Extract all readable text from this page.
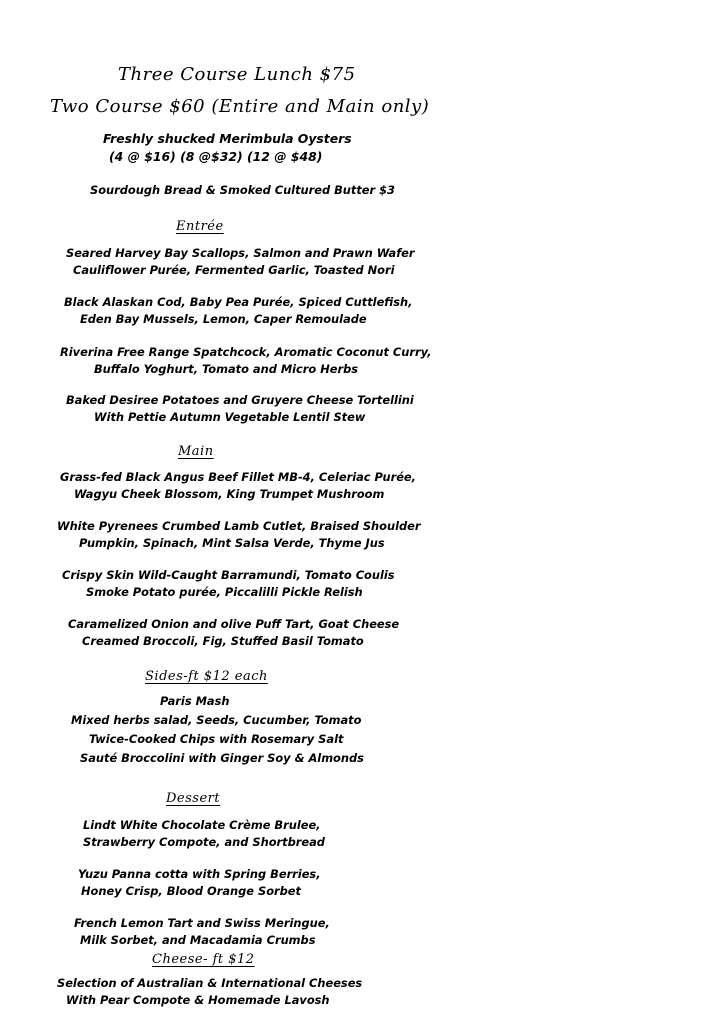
Three Course Lunch $75
Two Course $60 (Entire and Main only)
Freshly shucked Merimbula Oysters
(4 @ $16) (8 @$32) (12 @ $48)
Sourdough Bread & Smoked Cultured Butter $3
Entrée
Seared Harvey Bay Scallops, Salmon and Prawn Wafer
Cauliflower Purée, Fermented Garlic, Toasted Nori
Black Alaskan Cod, Baby Pea Purée, Spiced Cuttlefish,
Eden Bay Mussels, Lemon, Caper Remoulade
Riverina Free Range Spatchcock, Aromatic Coconut Curry,
Buffalo Yoghurt, Tomato and Micro Herbs
Baked Desiree Potatoes and Gruyere Cheese Tortellini
With Pettie Autumn Vegetable Lentil Stew
Main
Grass-fed Black Angus Beef Fillet MB-4, Celeriac Purée,
Wagyu Cheek Blossom, King Trumpet Mushroom
White Pyrenees Crumbed Lamb Cutlet, Braised Shoulder
Pumpkin, Spinach, Mint Salsa Verde, Thyme Jus
Crispy Skin Wild-Caught Barramundi, Tomato Coulis
Smoke Potato purée, Piccalilli Pickle Relish
Caramelized Onion and olive Puff Tart, Goat Cheese
Creamed Broccoli, Fig, Stuffed Basil Tomato
Sides-ft $12 each
Paris Mash
Mixed herbs salad, Seeds, Cucumber, Tomato
Twice-Cooked Chips with Rosemary Salt
Sauté Broccolini with Ginger Soy & Almonds
Dessert
Lindt White Chocolate Crème Brulee,
Strawberry Compote, and Shortbread
Yuzu Panna cotta with Spring Berries,
Honey Crisp, Blood Orange Sorbet
French Lemon Tart and Swiss Meringue,
Milk Sorbet, and Macadamia Crumbs
Cheese- ft $12
Selection of Australian & International Cheeses
With Pear Compote & Homemade Lavosh
